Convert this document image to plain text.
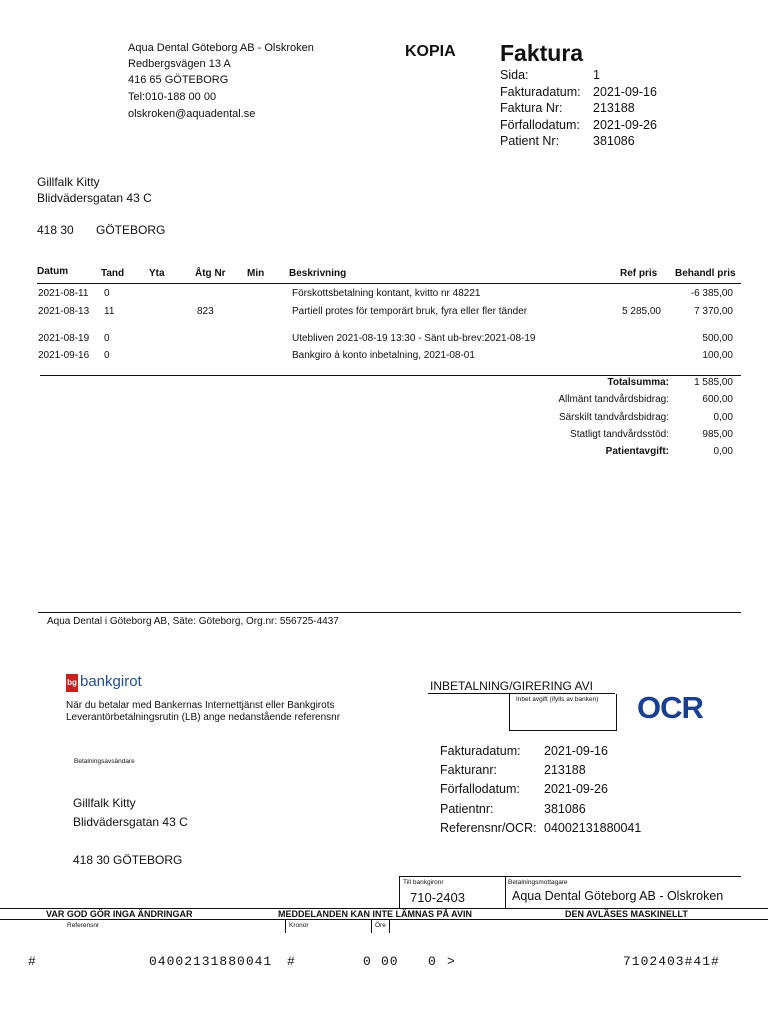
Aqua Dental Göteborg AB - Olskroken
Redbergsvägen 13 A
416 65 GÖTEBORG
Tel:010-188 00 00
olskroken@aquadental.se
KOPIA Faktura
Sida:	1
Fakturadatum: 2021-09-16
Faktura Nr: 213188
Förfallodatum: 2021-09-26
Patient Nr:	381086
Gillfalk Kitty
Blidvädersgatan 43 C
418 30 GÖTEBORG
Datum	Tand Yta	Åtg Nr Min Beskrivning	Ref pris Behandl pris
2021-08-11 0	Förskottsbetalning kontant, kvitto nr 48221	-6 385,00
2021-08-13 11	823	Partiell protes för temporärt bruk, fyra eller fler tänder	5 285,00	7 370,00
2021-08-19 0	Utebliven 2021-08-19 13:30 - Sänt ub-brev:2021-08-19	500,00
2021-09-16 0	Bankgiro à konto inbetalning, 2021-08-01	100,00
Totalsumma:	1 585,00
Allmänt tandvårdsbidrag:	600,00
Särskilt tandvårdsbidrag:	0,00
Statligt tandvårdsstöd:	985,00
Patientavgift:	0,00
Aqua Dental i Göteborg AB, Säte: Göteborg, Org.nr: 556725-4437
bg bankgirot	INBETALNING/GIRERING AVI
När du betalar med Bankernas Internettjänst eller Bankgirots
Leverantörbetalningsrutin (LB) ange nedanstående referensnr
Inbet avgift (ifylls av banken) OCR
Betalningsavsändare
Gillfalk Kitty
Blidvädersgatan 43 C
418 30 GÖTEBORG
Fakturadatum: 2021-09-16
Fakturanr:	213188
Förfallodatum: 2021-09-26
Patientnr:	381086
Referensnr/OCR: 04002131880041
Till bankgironr
710-2403
Betalningsmottagare
Aqua Dental Göteborg AB - Olskroken
VAR GOD GÖR INGA ÄNDRINGAR	MEDDELANDEN KAN INTE LÄMNAS PÅ AVIN	DEN AVLÄSES MASKINELLT
Referensnr	Kronor	Öre
#	04002131880041 #	0 00 0 >	7102403#41#
